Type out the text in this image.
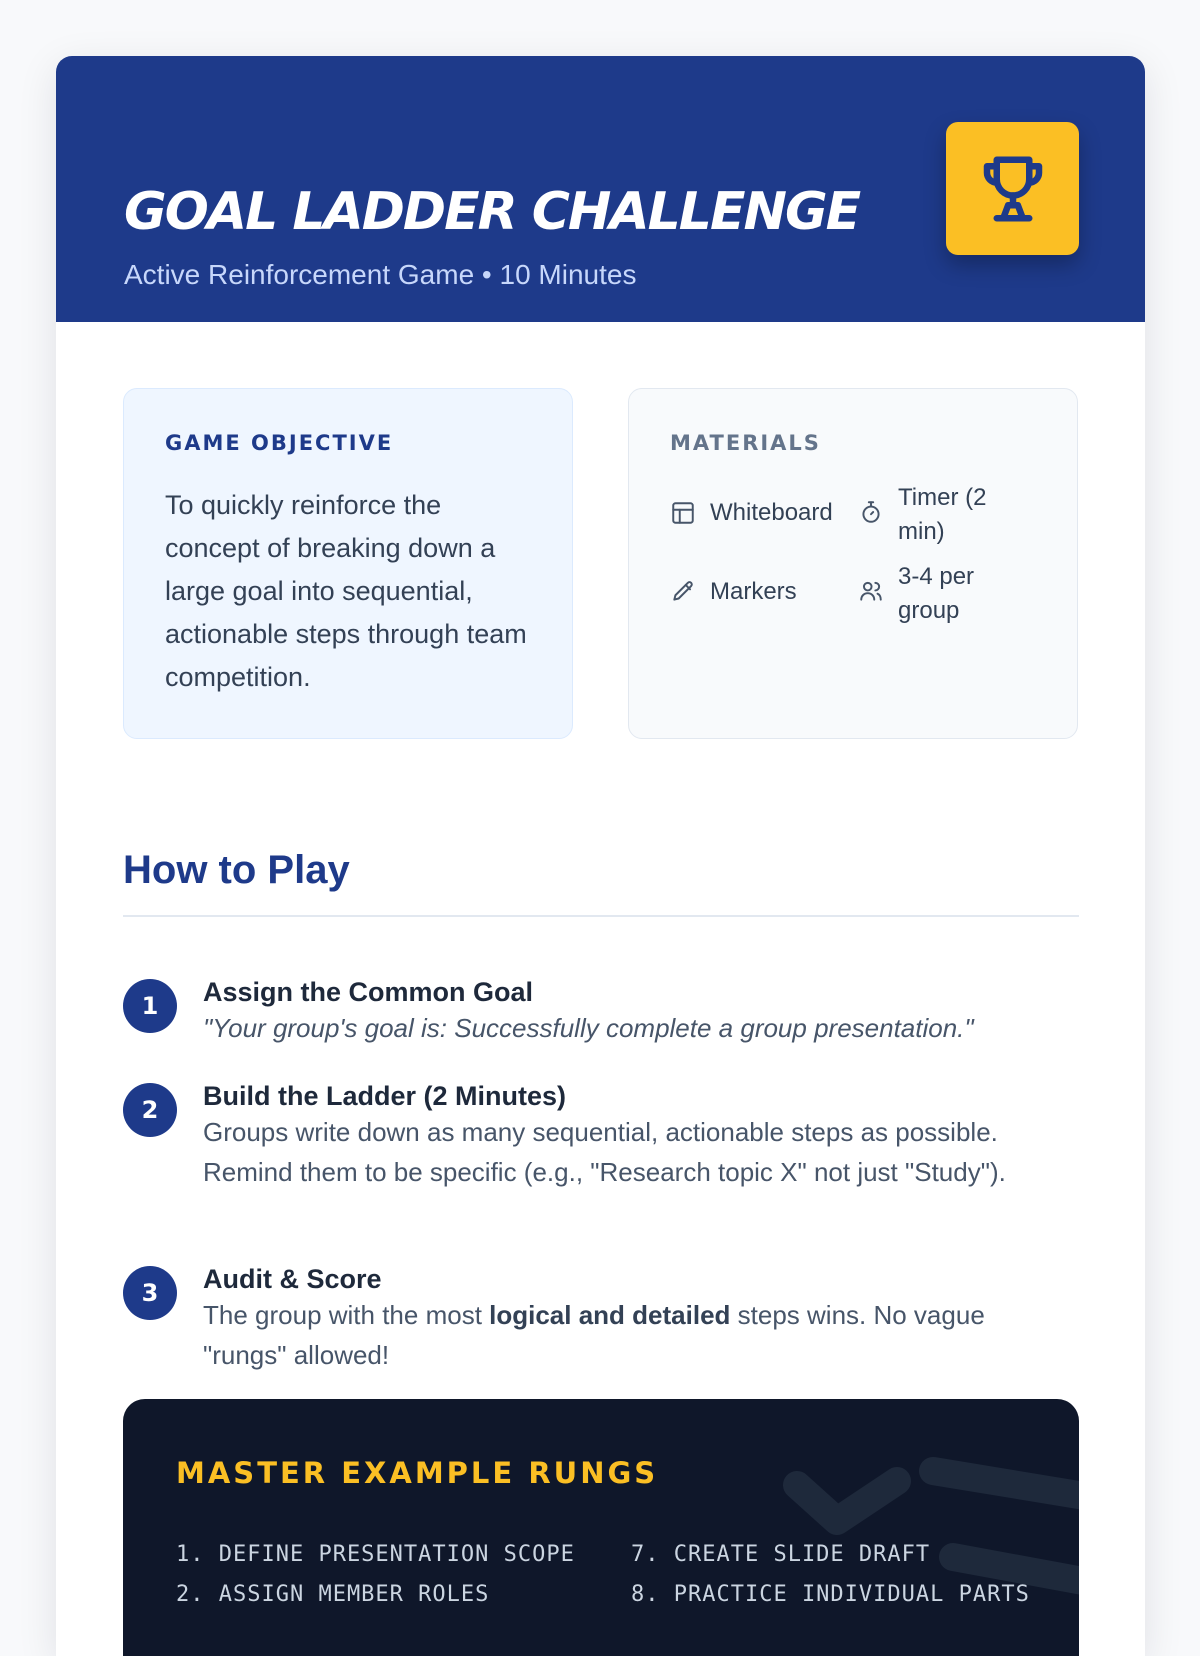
GOAL LADDER CHALLENGE
Active Reinforcement Game • 10 Minutes
GAME OBJECTIVE
To quickly reinforce the concept of breaking down a large goal into sequential, actionable steps through team competition.
MATERIALS
Whiteboard
Timer (2 min)
Markers
3-4 per group
How to Play
1	Assign the Common Goal
"Your group's goal is: Successfully complete a group presentation."
2	Build the Ladder (2 Minutes)
Groups write down as many sequential, actionable steps as possible. Remind them to be specific (e.g., "Research topic X" not just "Study").
3	Audit & Score
The group with the most logical and detailed steps wins. No vague "rungs" allowed!
MASTER EXAMPLE RUNGS
1. DEFINE PRESENTATION SCOPE
2. ASSIGN MEMBER ROLES
7. CREATE SLIDE DRAFT
8. PRACTICE INDIVIDUAL PARTS
